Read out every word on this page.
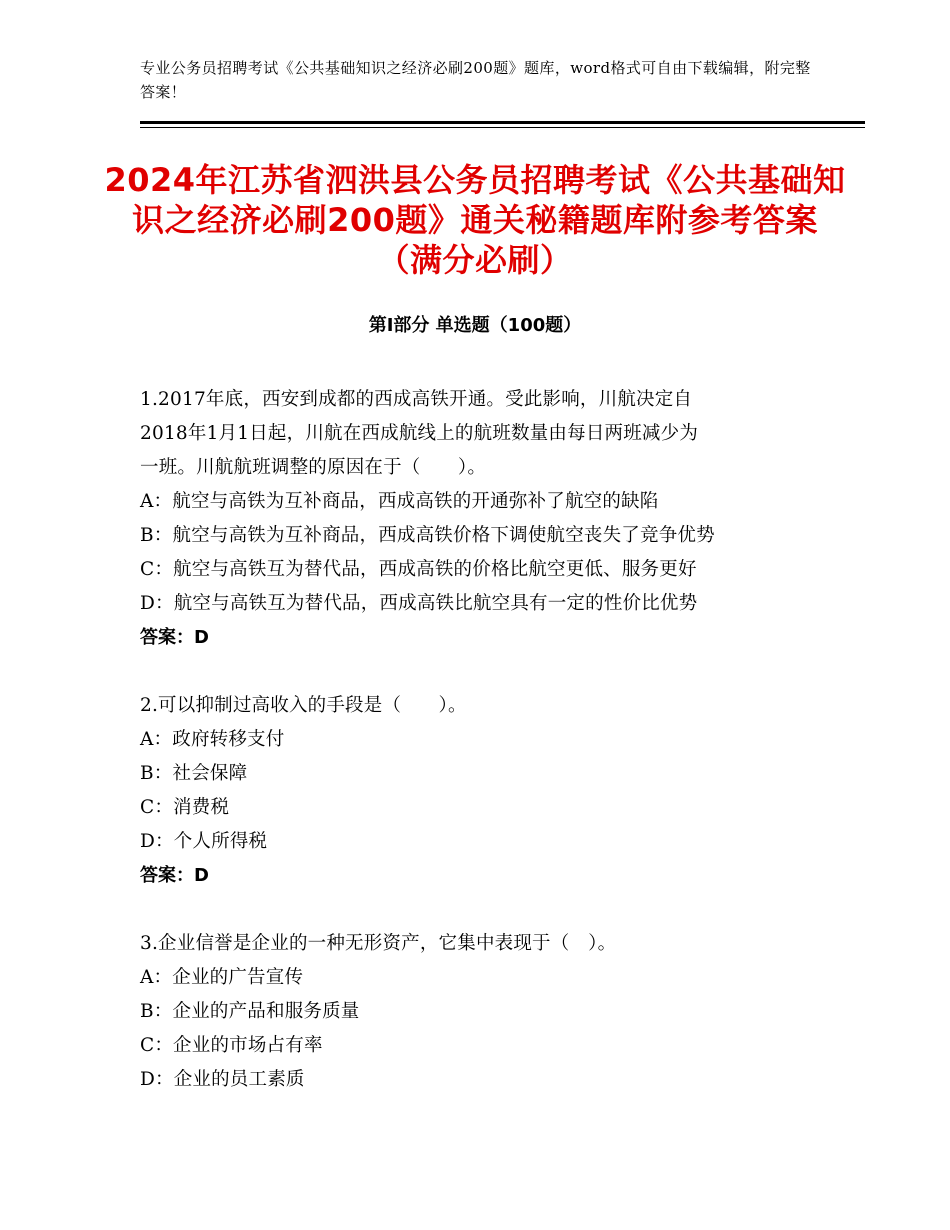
专业公务员招聘考试《公共基础知识之经济必刷200题》题库，word格式可自由下载编辑，附完整答案！
2024年江苏省泗洪县公务员招聘考试《公共基础知识之经济必刷200题》通关秘籍题库附参考答案（满分必刷）
第Ⅰ部分 单选题（100题）
1.2017年底，西安到成都的西成高铁开通。受此影响，川航决定自
2018年1月1日起，川航在西成航线上的航班数量由每日两班减少为
一班。川航航班调整的原因在于（　　）。
A：航空与高铁为互补商品，西成高铁的开通弥补了航空的缺陷
B：航空与高铁为互补商品，西成高铁价格下调使航空丧失了竞争优势
C：航空与高铁互为替代品，西成高铁的价格比航空更低、服务更好
D：航空与高铁互为替代品，西成高铁比航空具有一定的性价比优势
答案：D
2.可以抑制过高收入的手段是（　　）。
A：政府转移支付
B：社会保障
C：消费税
D：个人所得税
答案：D
3.企业信誉是企业的一种无形资产，它集中表现于（　）。
A：企业的广告宣传
B：企业的产品和服务质量
C：企业的市场占有率
D：企业的员工素质
